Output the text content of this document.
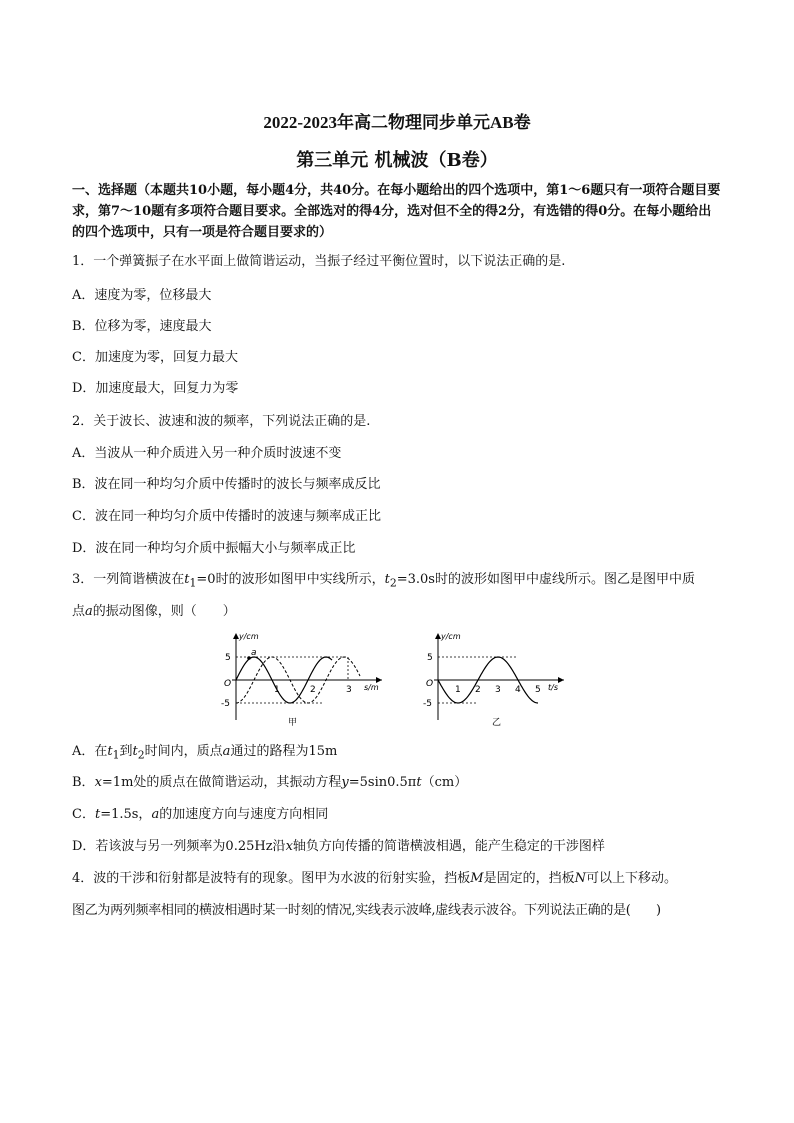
2022-2023年高二物理同步单元AB卷
第三单元 机械波（B卷）
一、选择题（本题共10小题，每小题4分，共40分。在每小题给出的四个选项中，第1～6题只有一项符合题目要求，第7～10题有多项符合题目要求。全部选对的得4分，选对但不全的得2分，有选错的得0分。在每小题给出的四个选项中，只有一项是符合题目要求的）
1．一个弹簧振子在水平面上做简谐运动，当振子经过平衡位置时，以下说法正确的是.
A．速度为零，位移最大
B．位移为零，速度最大
C．加速度为零，回复力最大
D．加速度最大，回复力为零
2．关于波长、波速和波的频率，下列说法正确的是.
A．当波从一种介质进入另一种介质时波速不变
B．波在同一种均匀介质中传播时的波长与频率成反比
C．波在同一种均匀介质中传播时的波速与频率成正比
D．波在同一种均匀介质中振幅大小与频率成正比
3．一列简谐横波在$t_1=0$时的波形如图甲中实线所示，$t_2=3.0s$时的波形如图甲中虚线所示。图乙是图甲中质
点a的振动图像，则（　　）
a
y/cm
5
-5
O
1	2	3 s/m
甲
y/cm
5
-5
O
1 2 3 4 5 t/s
乙
A．在$t_1$到$t_2$时间内，质点a通过的路程为15m
B．x=1m处的质点在做简谐运动，其振动方程y=5sin0.5πt（cm）
C．t=1.5s，a的加速度方向与速度方向相同
D．若该波与另一列频率为0.25Hz沿x轴负方向传播的简谐横波相遇，能产生稳定的干涉图样
4．波的干涉和衍射都是波特有的现象。图甲为水波的衍射实验，挡板M是固定的，挡板N可以上下移动。
图乙为两列频率相同的横波相遇时某一时刻的情况,实线表示波峰,虚线表示波谷。下列说法正确的是(　　)
